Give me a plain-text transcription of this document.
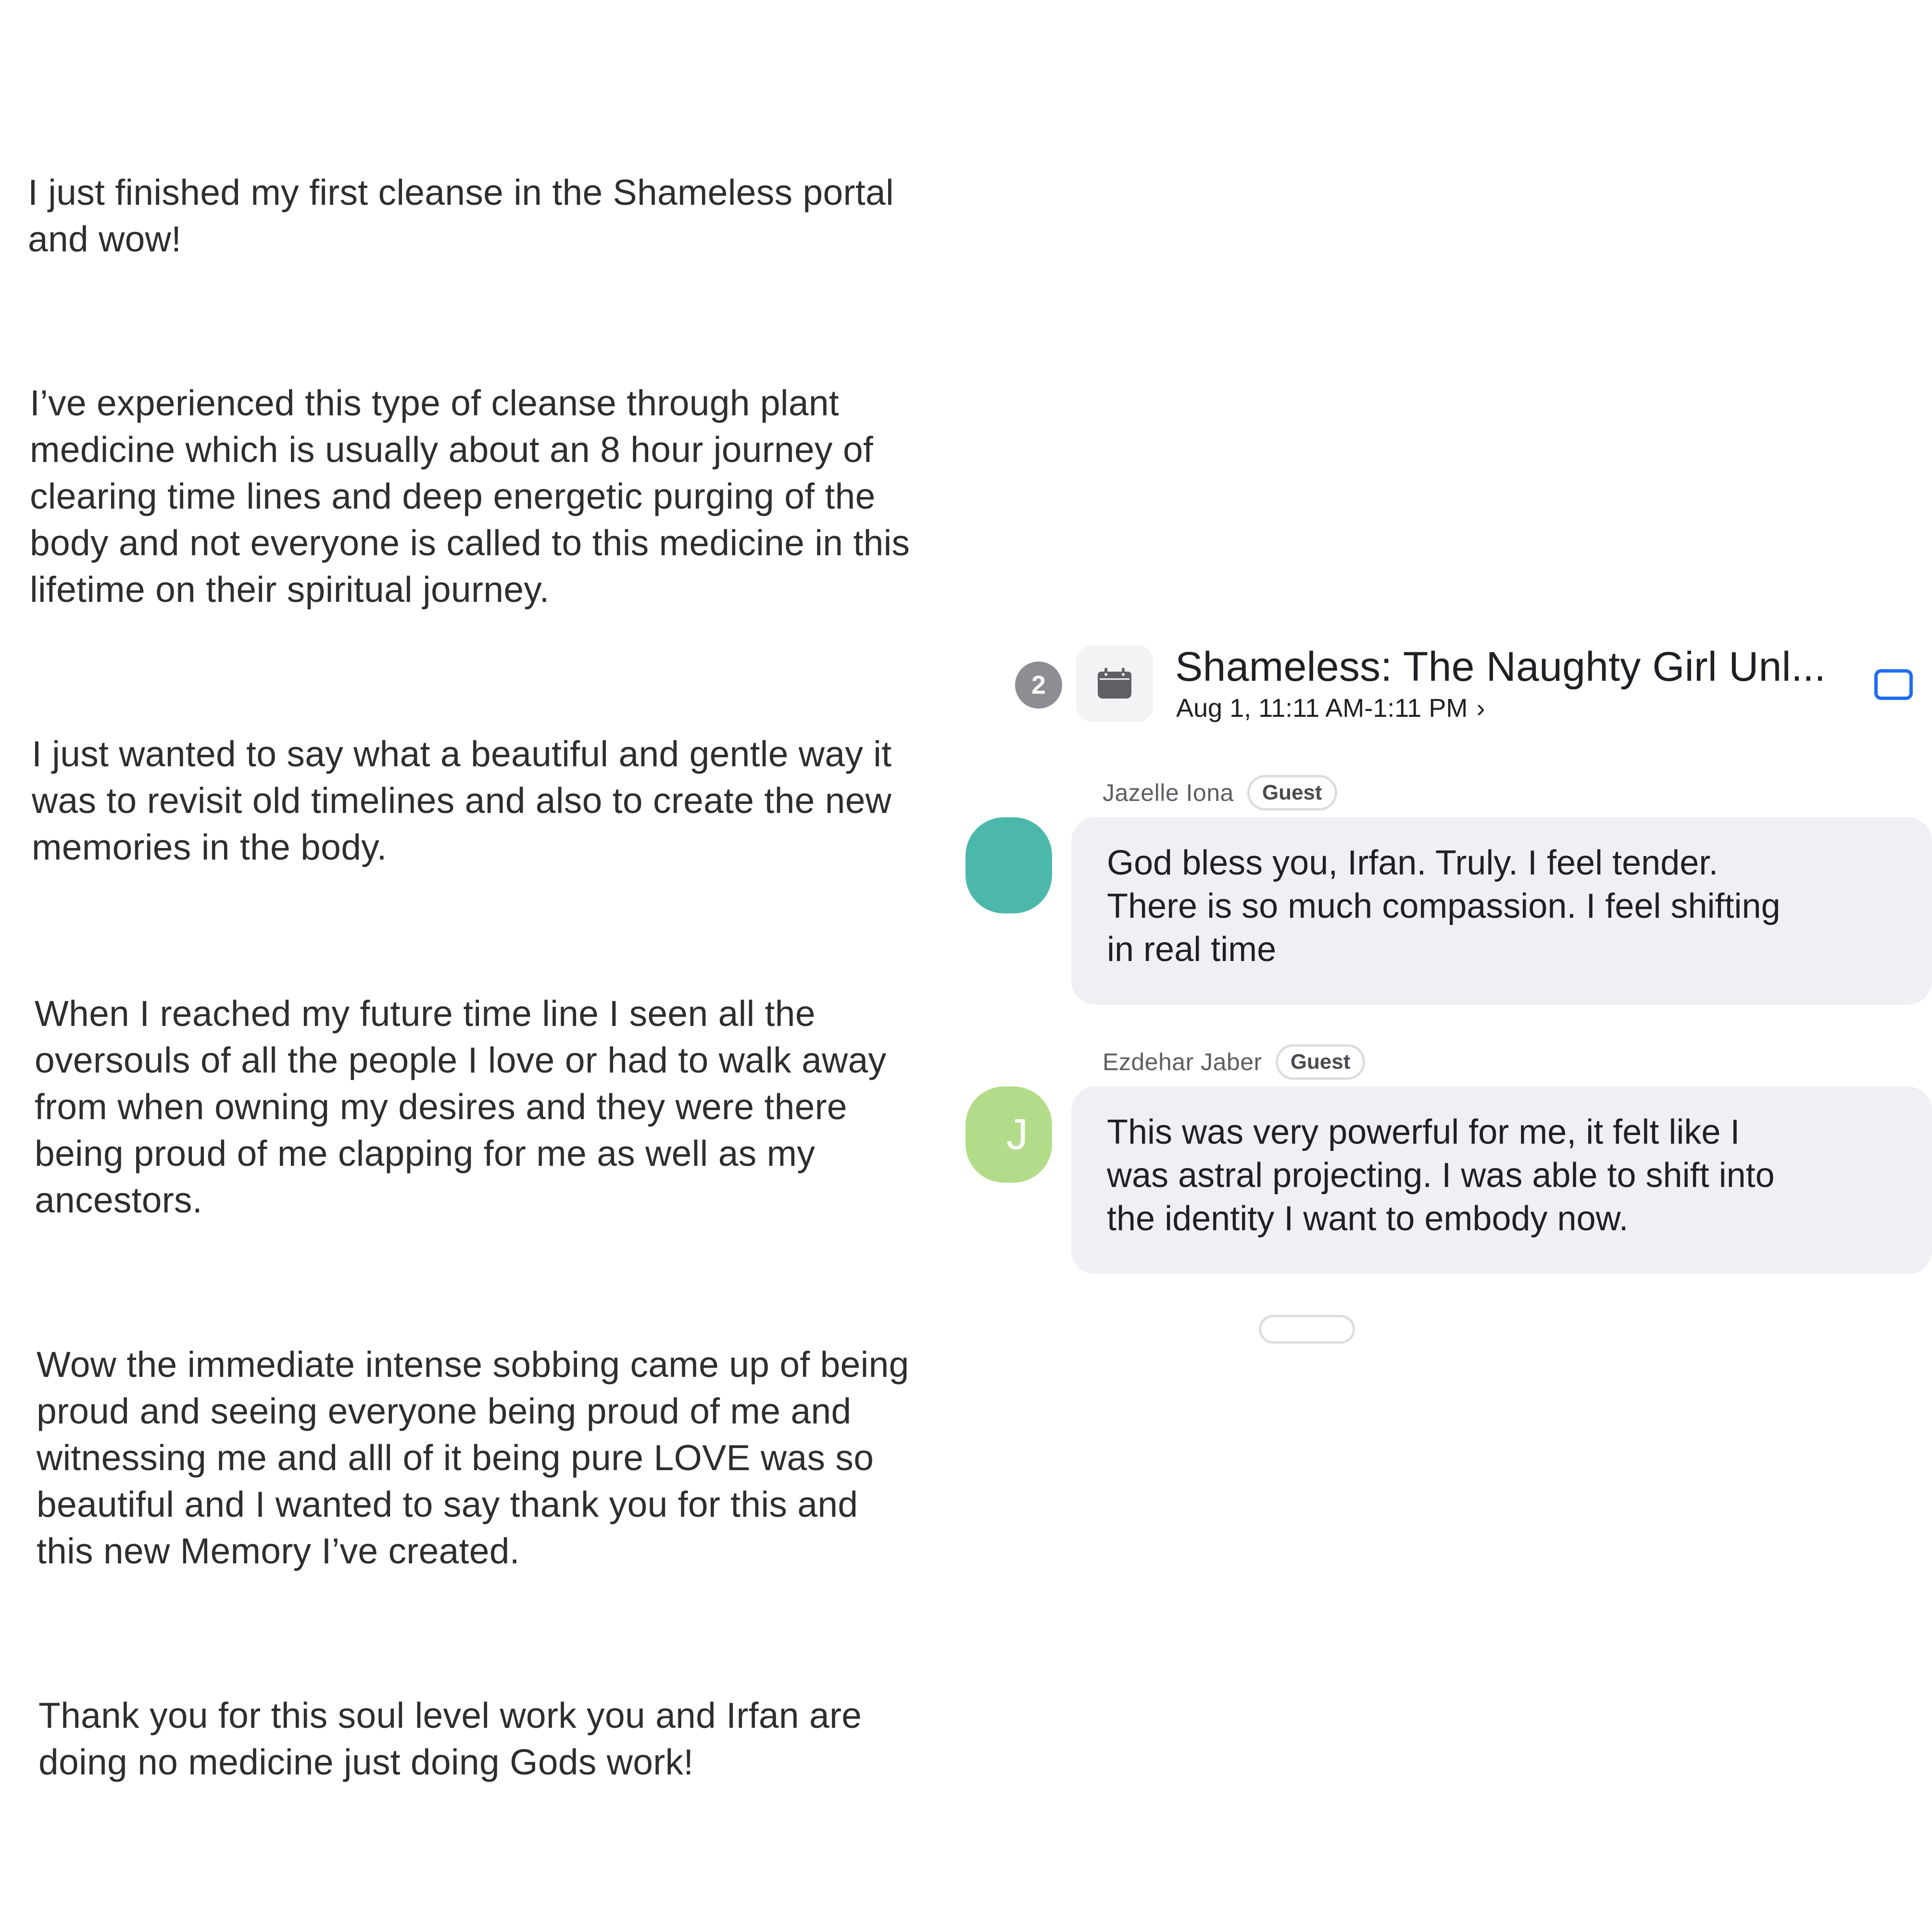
I just finished my first cleanse in the Shameless portal
and wow!

I’ve experienced this type of cleanse through plant
medicine which is usually about an 8 hour journey of
clearing time lines and deep energetic purging of the
body and not everyone is called to this medicine in this
lifetime on their spiritual journey.

I just wanted to say what a beautiful and gentle way it
was to revisit old timelines and also to create the new
memories in the body.

When I reached my future time line I seen all the
oversouls of all the people I love or had to walk away
from when owning my desires and they were there
being proud of me clapping for me as well as my
ancestors.

Wow the immediate intense sobbing came up of being
proud and seeing everyone being proud of me and
witnessing me and alll of it being pure LOVE was so
beautiful and I wanted to say thank you for this and
this new Memory I’ve created.

Thank you for this soul level work you and Irfan are
doing no medicine just doing Gods work!

2	Shameless: The Naughty Girl Unl...
Aug 1, 11:11 AM-1:11 PM ›
Jazelle Iona	Guest
God bless you, Irfan. Truly. I feel tender.
There is so much compassion. I feel shifting
in real time
Ezdehar Jaber	Guest
J	This was very powerful for me, it felt like I
was astral projecting. I was able to shift into
the identity I want to embody now.
